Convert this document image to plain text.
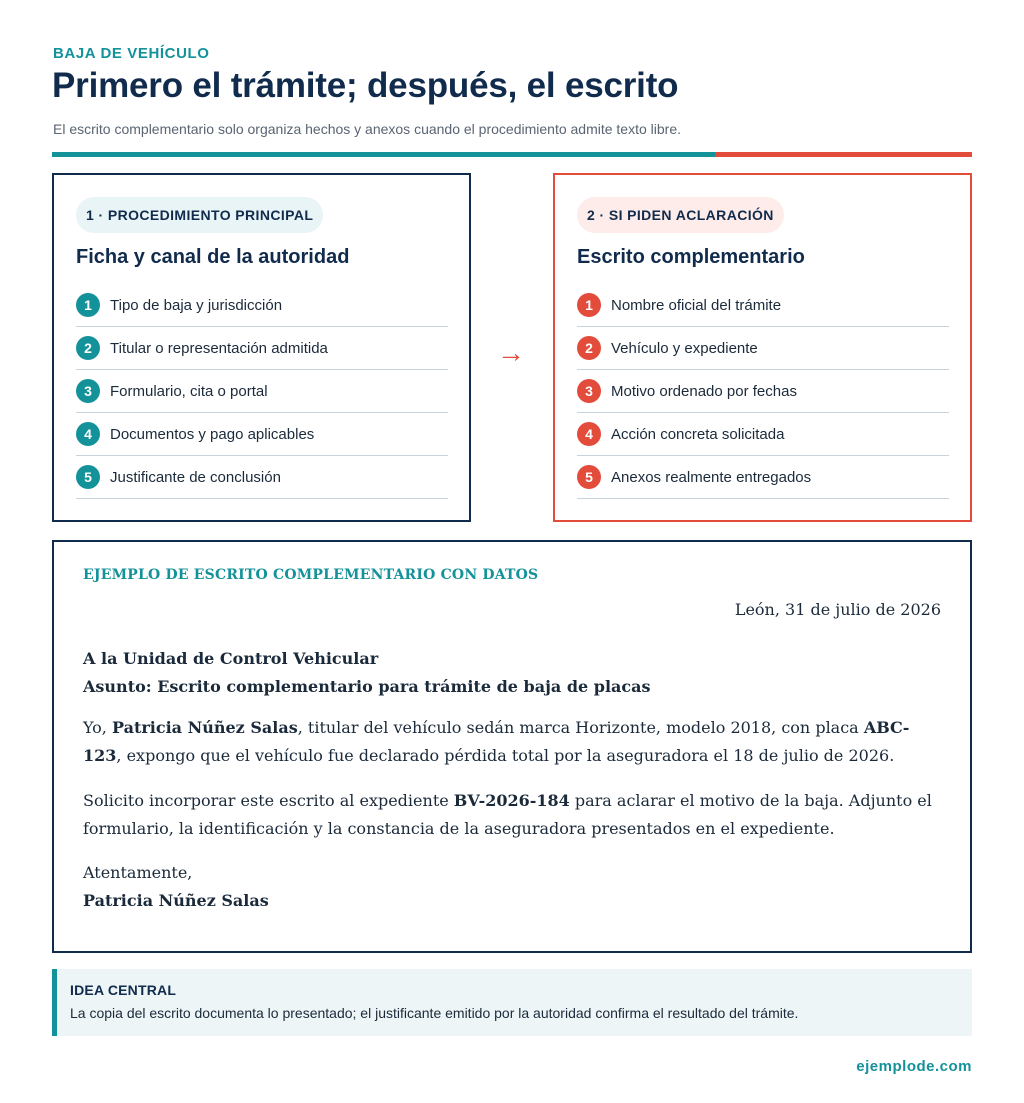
BAJA DE VEHÍCULO
Primero el trámite; después, el escrito

El escrito complementario solo organiza hechos y anexos cuando el procedimiento admite texto libre.

1 · PROCEDIMIENTO PRINCIPAL
Ficha y canal de la autoridad
1	Tipo de baja y jurisdicción
2	Titular o representación admitida
3	Formulario, cita o portal
4	Documentos y pago aplicables
5	Justificante de conclusión
→
2 · SI PIDEN ACLARACIÓN
Escrito complementario
1	Nombre oficial del trámite
2	Vehículo y expediente
3	Motivo ordenado por fechas
4	Acción concreta solicitada
5	Anexos realmente entregados
EJEMPLO DE ESCRITO COMPLEMENTARIO CON DATOS
León, 31 de julio de 2026
A la Unidad de Control Vehicular
Asunto: Escrito complementario para trámite de baja de placas

Yo, Patricia Núñez Salas, titular del vehículo sedán marca Horizonte, modelo 2018, con placa ABC-123, expongo que el vehículo fue declarado pérdida total por la aseguradora el 18 de julio de 2026.

Solicito incorporar este escrito al expediente BV-2026-184 para aclarar el motivo de la baja. Adjunto el formulario, la identificación y la constancia de la aseguradora presentados en el expediente.

Atentamente,
Patricia Núñez Salas
IDEA CENTRAL
La copia del escrito documenta lo presentado; el justificante emitido por la autoridad confirma el resultado del trámite.
ejemplode.com
